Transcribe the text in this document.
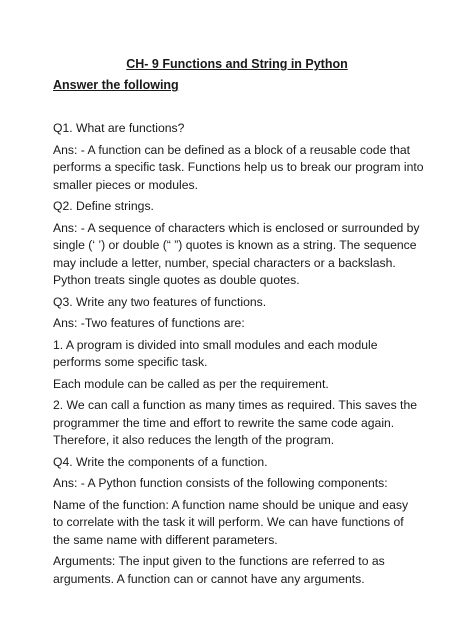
CH- 9 Functions and String in Python
Answer the following
Q1. What are functions?
Ans: - A function can be defined as a block of a reusable code that
performs a specific task. Functions help us to break our program into
smaller pieces or modules.
Q2. Define strings.
Ans: - A sequence of characters which is enclosed or surrounded by
single (‘ ’) or double (“ ”) quotes is known as a string. The sequence
may include a letter, number, special characters or a backslash.
Python treats single quotes as double quotes.
Q3. Write any two features of functions.
Ans: -Two features of functions are:
1. A program is divided into small modules and each module
performs some specific task.
Each module can be called as per the requirement.
2. We can call a function as many times as required. This saves the
programmer the time and effort to rewrite the same code again.
Therefore, it also reduces the length of the program.
Q4. Write the components of a function.
Ans: - A Python function consists of the following components:
Name of the function: A function name should be unique and easy
to correlate with the task it will perform. We can have functions of
the same name with different parameters.
Arguments: The input given to the functions are referred to as
arguments. A function can or cannot have any arguments.
